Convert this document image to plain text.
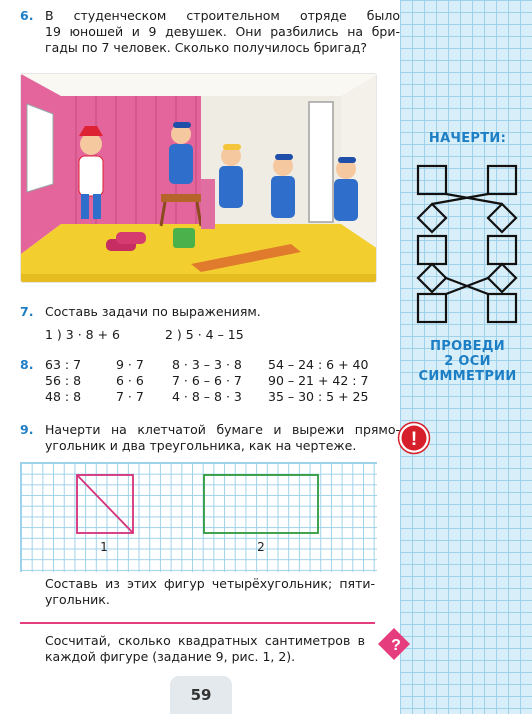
НАЧЕРТИ:
ПРОВЕДИ
2 ОСИ
СИММЕТРИИ
!
6. В студенческом строительном отряде было
19 юношей и 9 девушек. Они разбились на бри-
гады по 7 человек. Сколько получилось бригад?
7. Составь задачи по выражениям.
1 ) 3 · 8 + 6	2 ) 5 · 4 – 15
8. 63 : 7
56 : 8
48 : 8
9 · 7
6 · 6
7 · 7
8 · 3 – 3 · 8
7 · 6 – 6 · 7
4 · 8 – 8 · 3
54 – 24 : 6 + 40
90 – 21 + 42 : 7
35 – 30 : 5 + 25
9. Начерти на клетчатой бумаге и вырежи прямо-
угольник и два треугольника, как на чертеже.
1	2
Составь из этих фигур четырёхугольник; пяти-
угольник.
Сосчитай, сколько квадратных сантиметров в
каждой фигуре (задание 9, рис. 1, 2).
?
59
